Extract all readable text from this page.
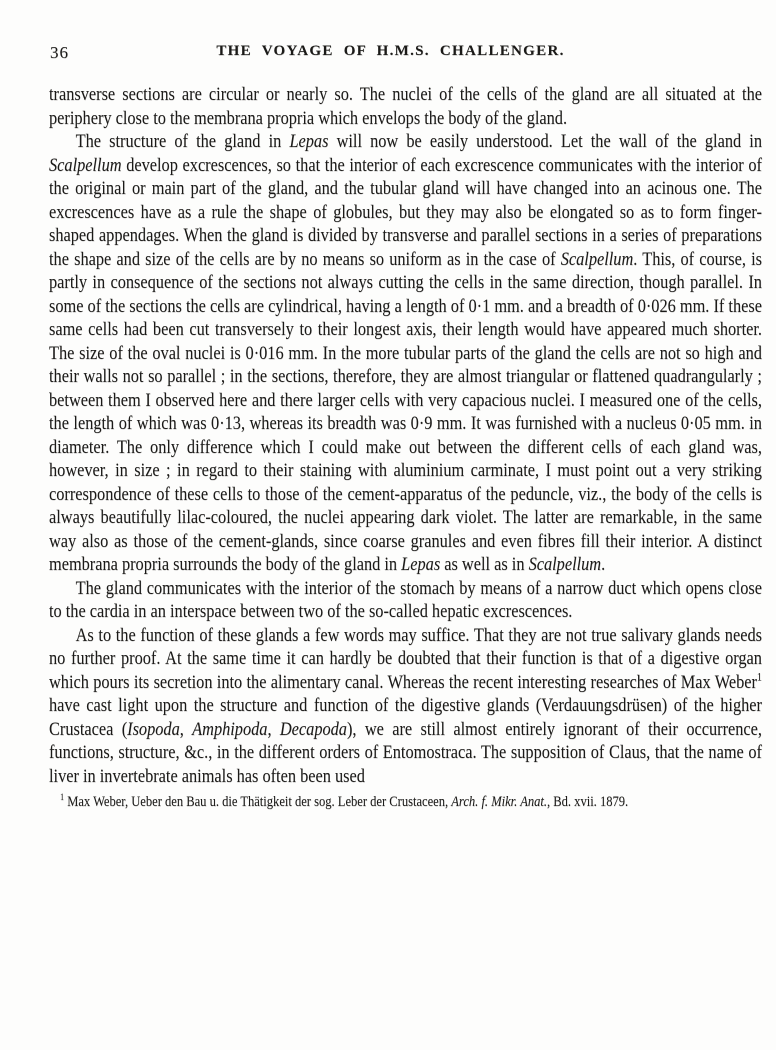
36	THE VOYAGE OF H.M.S. CHALLENGER.

transverse sections are circular or nearly so. The nuclei of the cells of the gland are all situated at the periphery close to the membrana propria which envelops the body of the gland.

The structure of the gland in Lepas will now be easily understood. Let the wall of the gland in Scalpellum develop excrescences, so that the interior of each excrescence communicates with the interior of the original or main part of the gland, and the tubular gland will have changed into an acinous one. The excrescences have as a rule the shape of globules, but they may also be elongated so as to form finger-shaped appendages. When the gland is divided by transverse and parallel sections in a series of preparations the shape and size of the cells are by no means so uniform as in the case of Scalpellum. This, of course, is partly in consequence of the sections not always cutting the cells in the same direction, though parallel. In some of the sections the cells are cylindrical, having a length of 0·1 mm. and a breadth of 0·026 mm. If these same cells had been cut transversely to their longest axis, their length would have appeared much shorter. The size of the oval nuclei is 0·016 mm. In the more tubular parts of the gland the cells are not so high and their walls not so parallel ; in the sections, therefore, they are almost triangular or flattened quadrangularly ; between them I observed here and there larger cells with very capacious nuclei. I measured one of the cells, the length of which was 0·13, whereas its breadth was 0·9 mm. It was furnished with a nucleus 0·05 mm. in diameter. The only difference which I could make out between the different cells of each gland was, however, in size ; in regard to their staining with aluminium carminate, I must point out a very striking correspondence of these cells to those of the cement-apparatus of the peduncle, viz., the body of the cells is always beautifully lilac-coloured, the nuclei appearing dark violet. The latter are remarkable, in the same way also as those of the cement-glands, since coarse granules and even fibres fill their interior. A distinct membrana propria surrounds the body of the gland in Lepas as well as in Scalpellum.

The gland communicates with the interior of the stomach by means of a narrow duct which opens close to the cardia in an interspace between two of the so-called hepatic excrescences.

As to the function of these glands a few words may suffice. That they are not true salivary glands needs no further proof. At the same time it can hardly be doubted that their function is that of a digestive organ which pours its secretion into the alimentary canal. Whereas the recent interesting researches of Max Weber$^1$ have cast light upon the structure and function of the digestive glands (Verdauungsdrüsen) of the higher Crustacea (Isopoda, Amphipoda, Decapoda), we are still almost entirely ignorant of their occurrence, functions, structure, &c., in the different orders of Entomostraca. The supposition of Claus, that the name of liver in invertebrate animals has often been used

$^1$ Max Weber, Ueber den Bau u. die Thätigkeit der sog. Leber der Crustaceen, Arch. f. Mikr. Anat., Bd. xvii. 1879.
